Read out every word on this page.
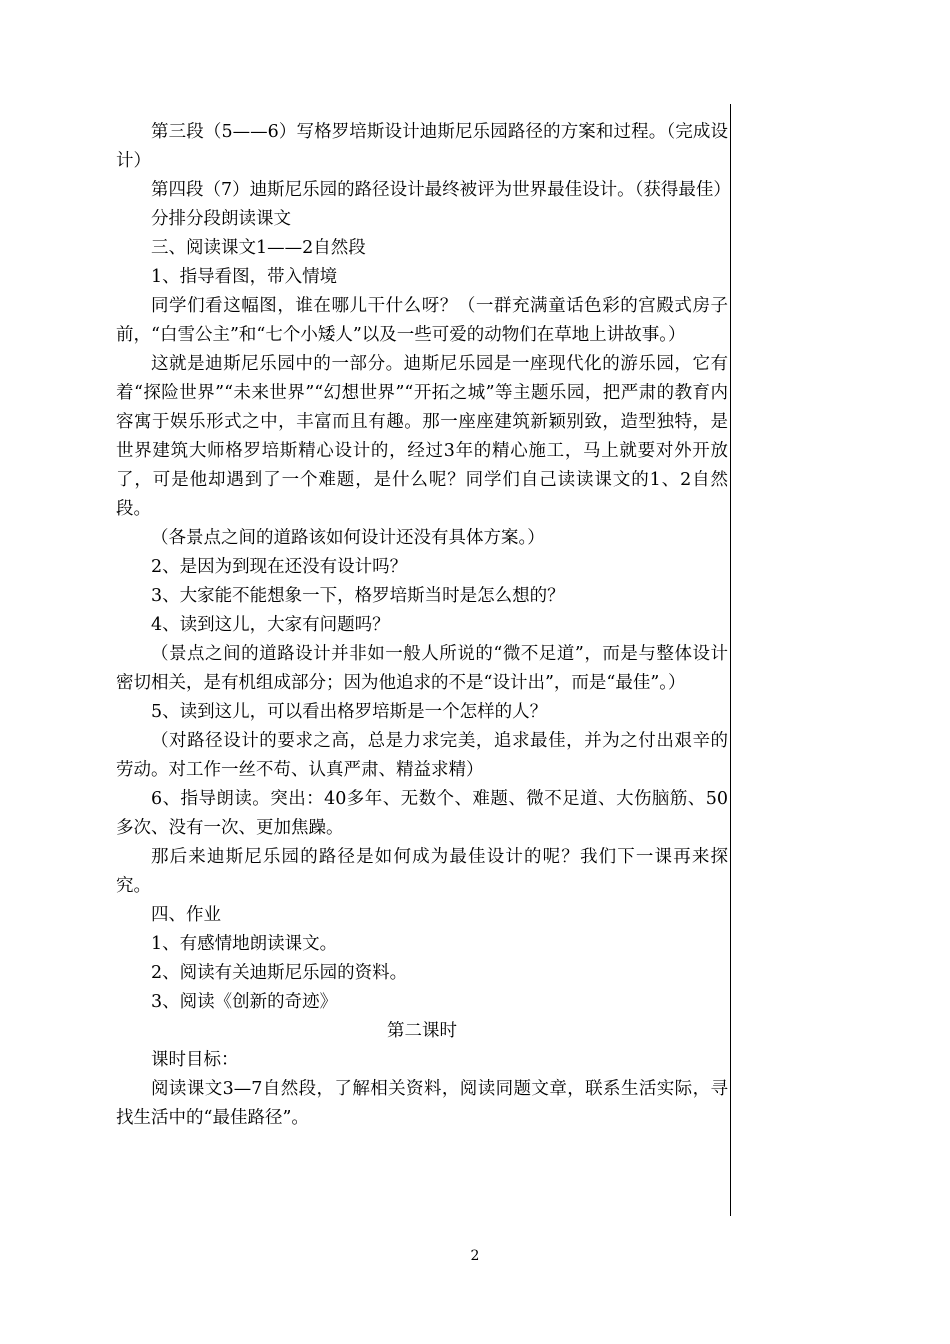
第三段（5——6）写格罗培斯设计迪斯尼乐园路径的方案和过程。（完成设计）

第四段（7）迪斯尼乐园的路径设计最终被评为世界最佳设计。（获得最佳）

分排分段朗读课文

三、阅读课文1——2自然段

1、指导看图，带入情境

同学们看这幅图，谁在哪儿干什么呀？（一群充满童话色彩的宫殿式房子前，“白雪公主”和“七个小矮人”以及一些可爱的动物们在草地上讲故事。）

这就是迪斯尼乐园中的一部分。迪斯尼乐园是一座现代化的游乐园，它有着“探险世界”“未来世界”“幻想世界”“开拓之城”等主题乐园，把严肃的教育内容寓于娱乐形式之中，丰富而且有趣。那一座座建筑新颖别致，造型独特，是世界建筑大师格罗培斯精心设计的，经过3年的精心施工，马上就要对外开放了，可是他却遇到了一个难题，是什么呢？同学们自己读读课文的1、2自然段。

（各景点之间的道路该如何设计还没有具体方案。）

2、是因为到现在还没有设计吗？

3、大家能不能想象一下，格罗培斯当时是怎么想的？

4、读到这儿，大家有问题吗？

（景点之间的道路设计并非如一般人所说的“微不足道”，而是与整体设计密切相关，是有机组成部分；因为他追求的不是“设计出”，而是“最佳”。）

5、读到这儿，可以看出格罗培斯是一个怎样的人？

（对路径设计的要求之高，总是力求完美，追求最佳，并为之付出艰辛的劳动。对工作一丝不苟、认真严肃、精益求精）

6、指导朗读。突出：40多年、无数个、难题、微不足道、大伤脑筋、50多次、没有一次、更加焦躁。

那后来迪斯尼乐园的路径是如何成为最佳设计的呢？我们下一课再来探究。

四、作业

1、有感情地朗读课文。

2、阅读有关迪斯尼乐园的资料。

3、阅读《创新的奇迹》

第二课时

课时目标：

阅读课文3—7自然段，了解相关资料，阅读同题文章，联系生活实际，寻找生活中的“最佳路径”。

2
